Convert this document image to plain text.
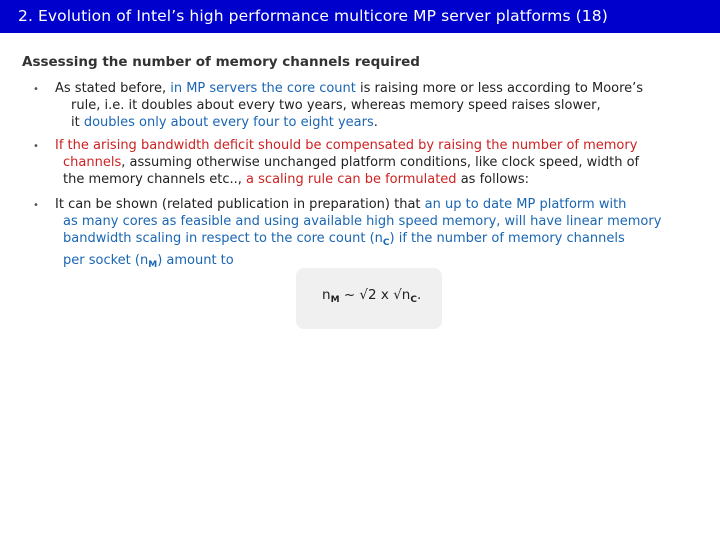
2. Evolution of Intel’s high performance multicore MP server platforms (18)
Assessing the number of memory channels required
• As stated before, in MP servers the core count is raising more or less according to Moore’s
rule, i.e. it doubles about every two years, whereas memory speed raises slower,
it doubles only about every four to eight years.
• If the arising bandwidth deficit should be compensated by raising the number of memory
channels, assuming otherwise unchanged platform conditions, like clock speed, width of
the memory channels etc.., a scaling rule can be formulated as follows:
• It can be shown (related publication in preparation) that an up to date MP platform with
as many cores as feasible and using available high speed memory, will have linear memory
bandwidth scaling in respect to the core count $(n_C)$ if the number of memory channels
per socket $(n_M)$ amount to
$n_M$ ~ √2 x $√n_C$.
